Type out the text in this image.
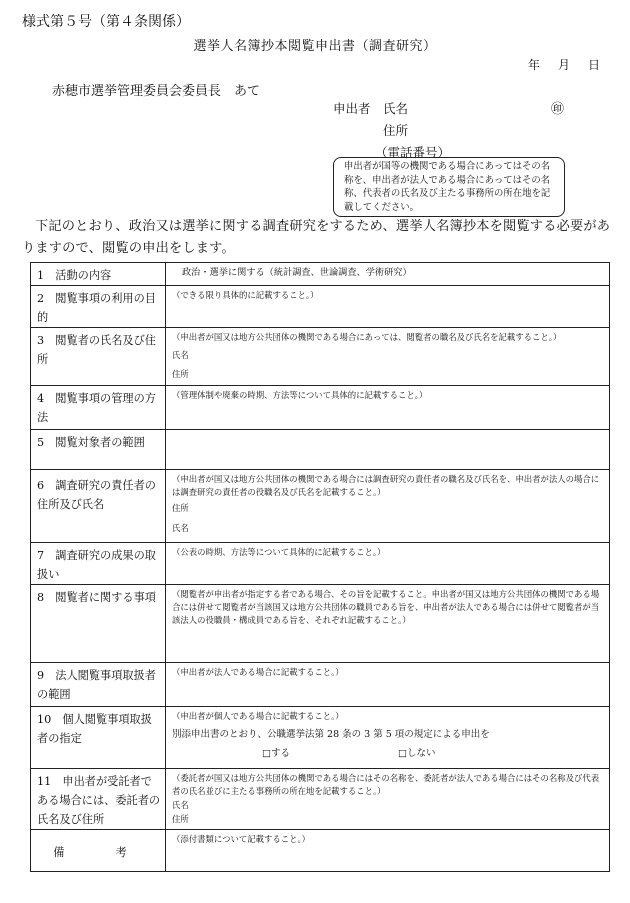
様式第５号（第４条関係）
選挙人名簿抄本閲覧申出書（調査研究）
年 月 日
赤穂市選挙管理委員会委員長　あて
申出者　氏名	㊞
住所
（電話番号）
申出者が国等の機関である場合にあってはその名称を、申出者が法人である場合にあってはその名称、代表者の氏名及び主たる事務所の所在地を記載してください。
下記のとおり、政治又は選挙に関する調査研究をするため、選挙人名簿抄本を閲覧する必要がありますので、閲覧の申出をします。
1　活動の内容	政治・選挙に関する（統計調査、世論調査、学術研究）
2　閲覧事項の利用の目的	（できる限り具体的に記載すること。）
3　閲覧者の氏名及び住所	（申出者が国又は地方公共団体の機関である場合にあっては、閲覧者の職名及び氏名を記載すること。）
氏名
住所

4　閲覧事項の管理の方法	（管理体制や廃棄の時期、方法等について具体的に記載すること。）
5　閲覧対象者の範囲	
6　調査研究の責任者の住所及び氏名	（申出者が国又は地方公共団体の機関である場合には調査研究の責任者の職名及び氏名を、申出者が法人の場合には調査研究の責任者の役職名及び氏名を記載すること。）
住所
氏名

7　調査研究の成果の取扱い	（公表の時期、方法等について具体的に記載すること。）
8　閲覧者に関する事項	（閲覧者が申出者が指定する者である場合、その旨を記載すること。申出者が国又は地方公共団体の機関である場合には併せて閲覧者が当該国又は地方公共団体の職員である旨を、申出者が法人である場合には併せて閲覧者が当該法人の役職員・構成員である旨を、それぞれ記載すること。）
9　法人閲覧事項取扱者の範囲	（申出者が法人である場合に記載すること。）
10　個人閲覧事項取扱者の指定	（申出者が個人である場合に記載すること。）
別添申出書のとおり、公職選挙法第 28 条の 3 第 5 項の規定による申出を
□する □しない

11　申出者が受託者である場合には、委託者の氏名及び住所	（委託者が国又は地方公共団体の機関である場合にはその名称を、委託者が法人である場合にはその名称及び代表者の氏名並びに主たる事務所の所在地を記載すること。）
氏名
住所

備　考	（添付書類について記載すること。）
